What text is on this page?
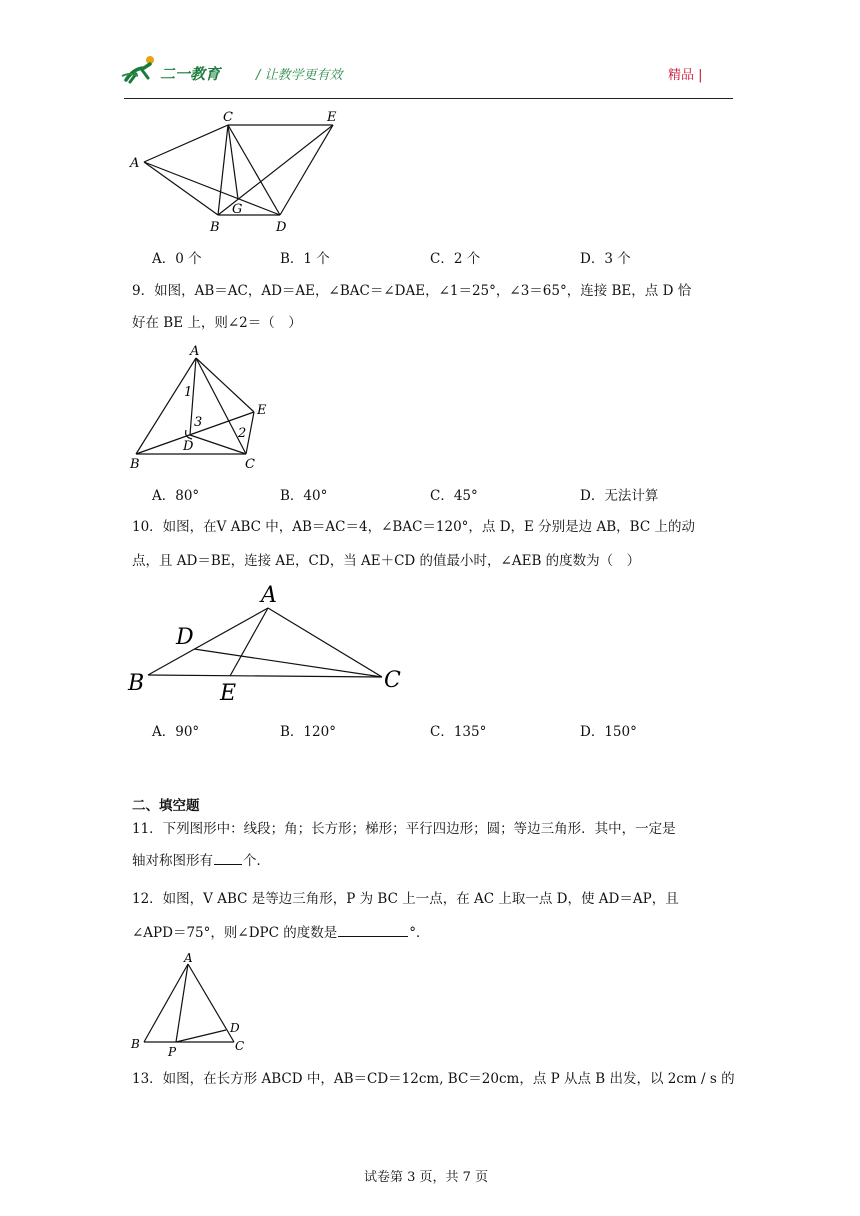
二一教育	/ 让教学更有效	精品 |
A
C	E
B
G
D
A．0 个	B．1 个	C．2 个	D．3 个
9．如图，AB＝AC，AD＝AE，∠BAC＝∠DAE，∠1＝25°，∠3＝65°，连接 BE，点 D 恰
好在 BE 上，则∠2＝（　）
A
1
E
3
2
D
B	C
A．80°	B．40°	C．45°	D．无法计算
10．如图，在V ABC 中，AB＝AC＝4，∠BAC＝120°，点 D，E 分别是边 AB，BC 上的动
点，且 AD＝BE，连接 AE，CD，当 AE＋CD 的值最小时，∠AEB 的度数为（　）
A
D
B	E
C
A．90°	B．120°	C．135°	D．150°
二、填空题
11．下列图形中：线段；角；长方形；梯形；平行四边形；圆；等边三角形．其中，一定是
轴对称图形有 个．
12．如图，V ABC 是等边三角形，P 为 BC 上一点，在 AC 上取一点 D，使 AD＝AP，且
∠APD＝75°，则∠DPC 的度数是	°．
A
D
B
P	C
13．如图，在长方形 ABCD 中，AB＝CD＝12cm, BC＝20cm，点 P 从点 B 出发，以 2cm / s 的
试卷第 3 页，共 7 页
